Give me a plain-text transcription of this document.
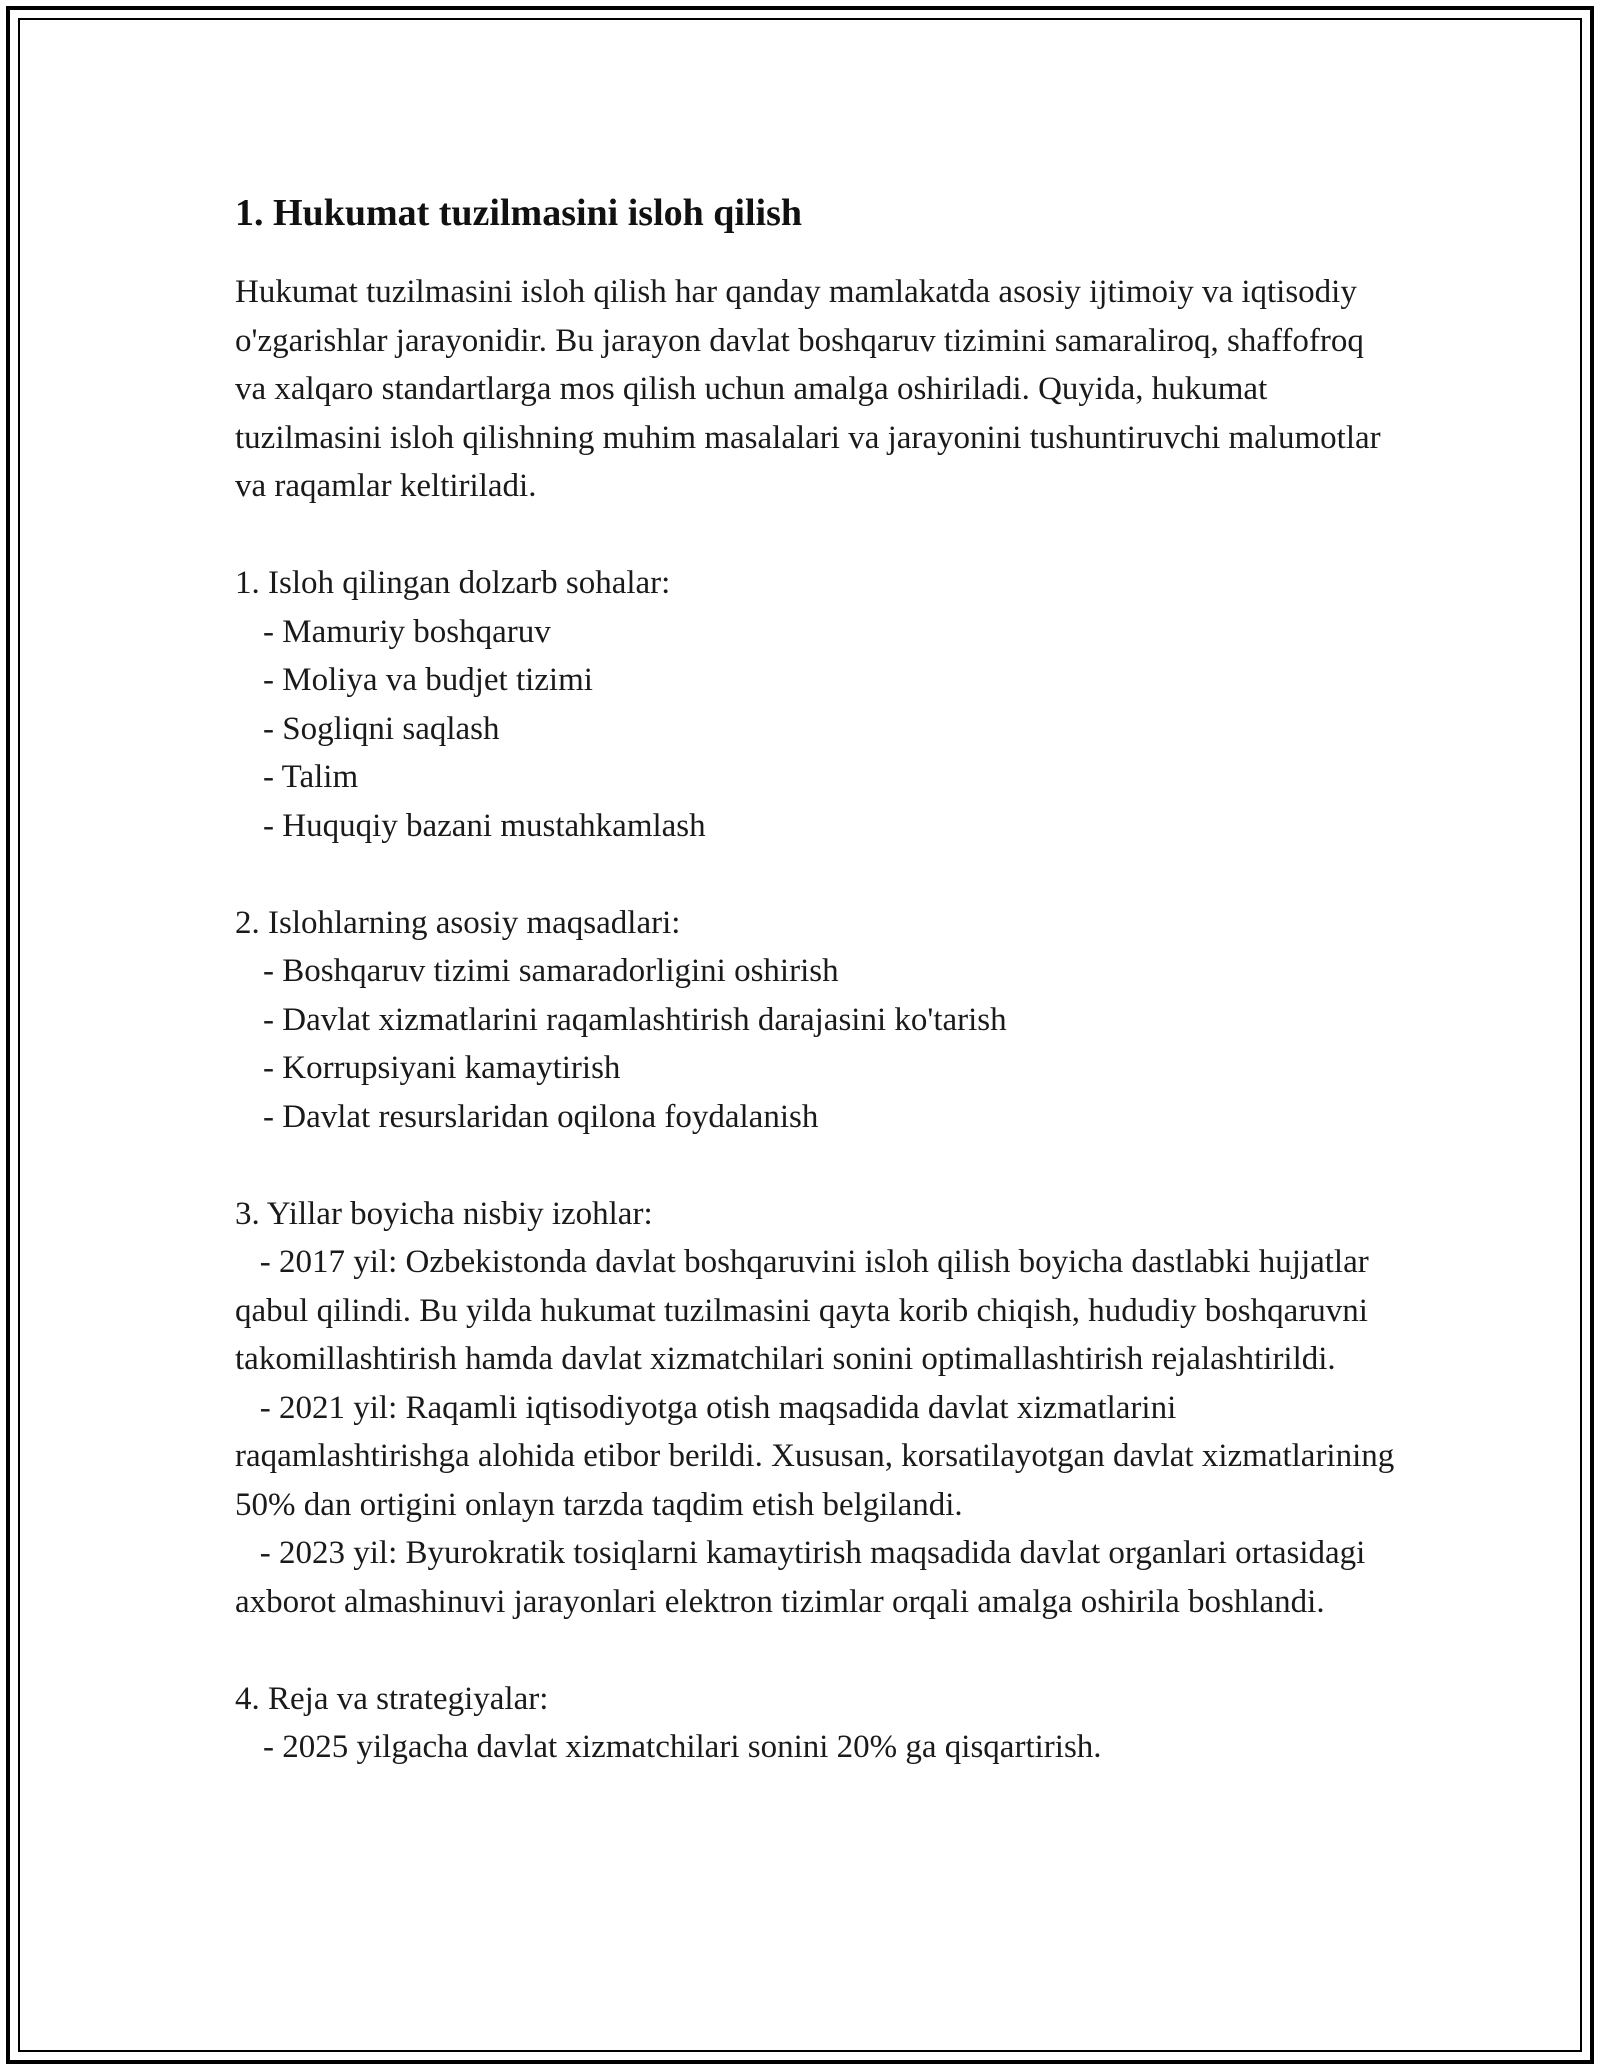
1. Hukumat tuzilmasini isloh qilish

Hukumat tuzilmasini isloh qilish har qanday mamlakatda asosiy ijtimoiy va iqtisodiy o'zgarishlar jarayonidir. Bu jarayon davlat boshqaruv tizimini samaraliroq, shaffofroq va xalqaro standartlarga mos qilish uchun amalga oshiriladi. Quyida, hukumat tuzilmasini isloh qilishning muhim masalalari va jarayonini tushuntiruvchi malumotlar va raqamlar keltiriladi.

1. Isloh qilingan dolzarb sohalar:

- Mamuriy boshqaruv

- Moliya va budjet tizimi

- Sogliqni saqlash

- Talim

- Huquqiy bazani mustahkamlash

2. Islohlarning asosiy maqsadlari:

- Boshqaruv tizimi samaradorligini oshirish

- Davlat xizmatlarini raqamlashtirish darajasini ko'tarish

- Korrupsiyani kamaytirish

- Davlat resurslaridan oqilona foydalanish

3. Yillar boyicha nisbiy izohlar:

- 2017 yil: Ozbekistonda davlat boshqaruvini isloh qilish boyicha dastlabki hujjatlar qabul qilindi. Bu yilda hukumat tuzilmasini qayta korib chiqish, hududiy boshqaruvni takomillashtirish hamda davlat xizmatchilari sonini optimallashtirish rejalashtirildi.

- 2021 yil: Raqamli iqtisodiyotga otish maqsadida davlat xizmatlarini raqamlashtirishga alohida etibor berildi. Xususan, korsatilayotgan davlat xizmatlarining 50% dan ortigini onlayn tarzda taqdim etish belgilandi.

- 2023 yil: Byurokratik tosiqlarni kamaytirish maqsadida davlat organlari ortasidagi axborot almashinuvi jarayonlari elektron tizimlar orqali amalga oshirila boshlandi.

4. Reja va strategiyalar:

- 2025 yilgacha davlat xizmatchilari sonini 20% ga qisqartirish.
